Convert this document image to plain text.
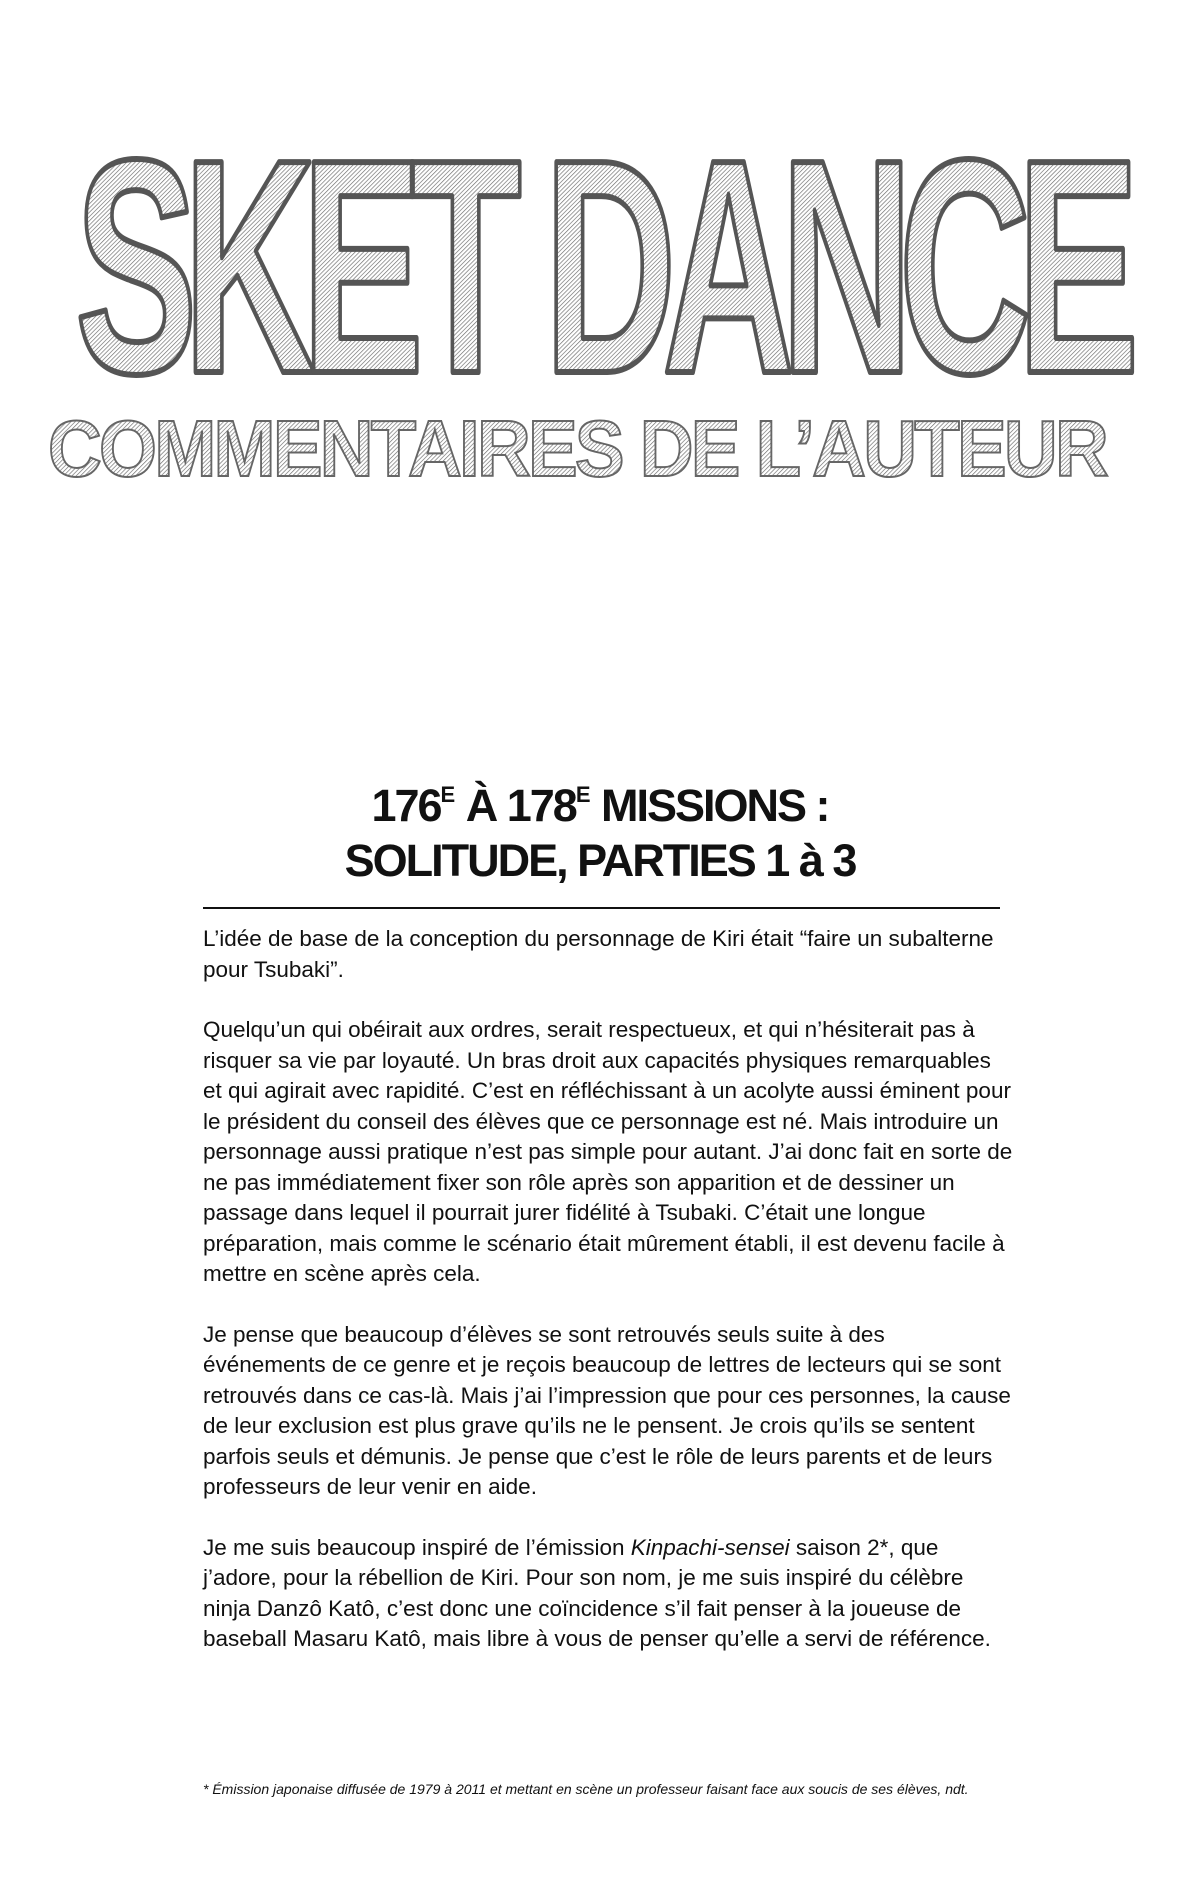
SKET DANCE
COMMENTAIRES DE L’AUTEUR
$176^E$ À $178^E$ MISSIONS :
SOLITUDE, PARTIES 1 à 3

L’idée de base de la conception du personnage de Kiri était “faire un subalterne pour Tsubaki”.

Quelqu’un qui obéirait aux ordres, serait respectueux, et qui n’hésiterait pas à risquer sa vie par loyauté. Un bras droit aux capacités physiques remarquables et qui agirait avec rapidité. C’est en réfléchissant à un acolyte aussi éminent pour le président du conseil des élèves que ce personnage est né. Mais introduire un personnage aussi pratique n’est pas simple pour autant. J’ai donc fait en sorte de ne pas immédiatement fixer son rôle après son apparition et de dessiner un passage dans lequel il pourrait jurer fidélité à Tsubaki. C’était une longue préparation, mais comme le scénario était mûrement établi, il est devenu facile à mettre en scène après cela.

Je pense que beaucoup d’élèves se sont retrouvés seuls suite à des événements de ce genre et je reçois beaucoup de lettres de lecteurs qui se sont retrouvés dans ce cas-là. Mais j’ai l’impression que pour ces personnes, la cause de leur exclusion est plus grave qu’ils ne le pensent. Je crois qu’ils se sentent parfois seuls et démunis. Je pense que c’est le rôle de leurs parents et de leurs professeurs de leur venir en aide.

Je me suis beaucoup inspiré de l’émission Kinpachi-sensei saison 2*, que j’adore, pour la rébellion de Kiri. Pour son nom, je me suis inspiré du célèbre ninja Danzô Katô, c’est donc une coïncidence s’il fait penser à la joueuse de baseball Masaru Katô, mais libre à vous de penser qu’elle a servi de référence.

* Émission japonaise diffusée de 1979 à 2011 et mettant en scène un professeur faisant face aux soucis de ses élèves, ndt.
